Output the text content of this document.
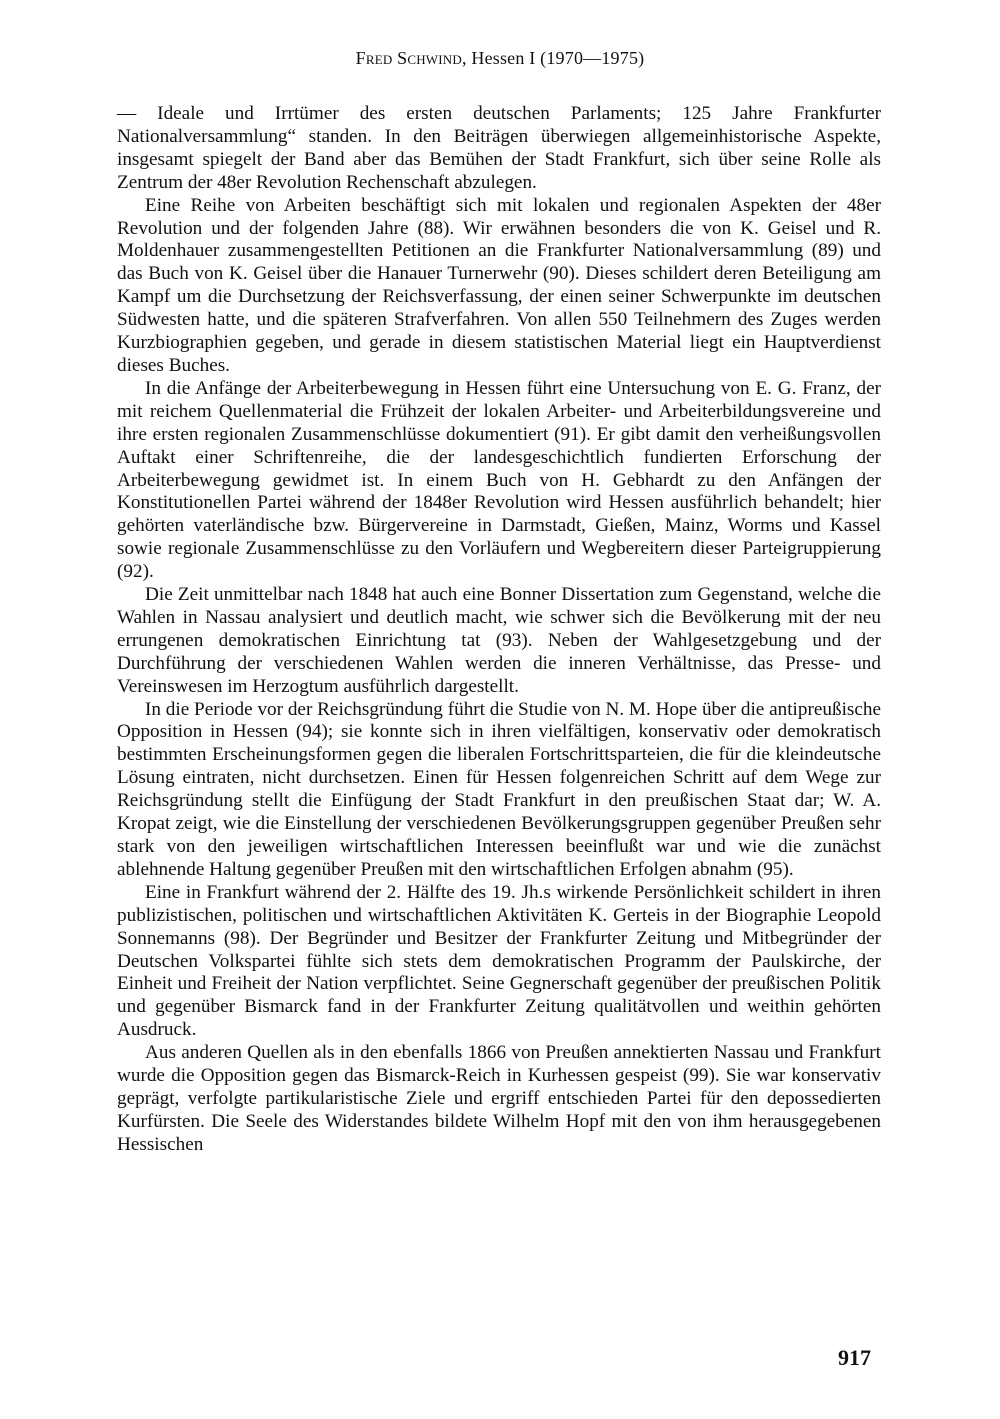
Fred Schwind, Hessen I (1970—1975)

— Ideale und Irrtümer des ersten deutschen Parlaments; 125 Jahre Frankfurter Nationalversammlung“ standen. In den Beiträgen überwiegen allgemeinhistorische Aspekte, insgesamt spiegelt der Band aber das Bemühen der Stadt Frankfurt, sich über seine Rolle als Zentrum der 48er Revolution Rechenschaft abzulegen.

Eine Reihe von Arbeiten beschäftigt sich mit lokalen und regionalen Aspekten der 48er Revolution und der folgenden Jahre (88). Wir erwähnen besonders die von K. Geisel und R. Moldenhauer zusammengestellten Petitionen an die Frankfurter Nationalversammlung (89) und das Buch von K. Geisel über die Hanauer Turnerwehr (90). Dieses schildert deren Beteiligung am Kampf um die Durchsetzung der Reichsverfassung, der einen seiner Schwerpunkte im deutschen Südwesten hatte, und die späteren Strafverfahren. Von allen 550 Teilnehmern des Zuges werden Kurzbiographien gegeben, und gerade in diesem statistischen Material liegt ein Hauptverdienst dieses Buches.

In die Anfänge der Arbeiterbewegung in Hessen führt eine Untersuchung von E. G. Franz, der mit reichem Quellenmaterial die Frühzeit der lokalen Arbeiter- und Arbeiterbildungsvereine und ihre ersten regionalen Zusammenschlüsse dokumentiert (91). Er gibt damit den verheißungsvollen Auftakt einer Schriftenreihe, die der landesgeschichtlich fundierten Erforschung der Arbeiterbewegung gewidmet ist. In einem Buch von H. Gebhardt zu den Anfängen der Konstitutionellen Partei während der 1848er Revolution wird Hessen ausführlich behandelt; hier gehörten vaterländische bzw. Bürgervereine in Darmstadt, Gießen, Mainz, Worms und Kassel sowie regionale Zusammenschlüsse zu den Vorläufern und Wegbereitern dieser Parteigruppierung (92).

Die Zeit unmittelbar nach 1848 hat auch eine Bonner Dissertation zum Gegenstand, welche die Wahlen in Nassau analysiert und deutlich macht, wie schwer sich die Bevölkerung mit der neu errungenen demokratischen Einrichtung tat (93). Neben der Wahlgesetzgebung und der Durchführung der verschiedenen Wahlen werden die inneren Verhältnisse, das Presse- und Vereinswesen im Herzogtum ausführlich dargestellt.

In die Periode vor der Reichsgründung führt die Studie von N. M. Hope über die antipreußische Opposition in Hessen (94); sie konnte sich in ihren vielfältigen, konservativ oder demokratisch bestimmten Erscheinungsformen gegen die liberalen Fortschrittsparteien, die für die kleindeutsche Lösung eintraten, nicht durchsetzen. Einen für Hessen folgenreichen Schritt auf dem Wege zur Reichsgründung stellt die Einfügung der Stadt Frankfurt in den preußischen Staat dar; W. A. Kropat zeigt, wie die Einstellung der verschiedenen Bevölkerungsgruppen gegenüber Preußen sehr stark von den jeweiligen wirtschaftlichen Interessen beeinflußt war und wie die zunächst ablehnende Haltung gegenüber Preußen mit den wirtschaftlichen Erfolgen abnahm (95).

Eine in Frankfurt während der 2. Hälfte des 19. Jh.s wirkende Persönlichkeit schildert in ihren publizistischen, politischen und wirtschaftlichen Aktivitäten K. Gerteis in der Biographie Leopold Sonnemanns (98). Der Begründer und Besitzer der Frankfurter Zeitung und Mitbegründer der Deutschen Volkspartei fühlte sich stets dem demokratischen Programm der Paulskirche, der Einheit und Freiheit der Nation verpflichtet. Seine Gegnerschaft gegenüber der preußischen Politik und gegenüber Bismarck fand in der Frankfurter Zeitung qualitätvollen und weithin gehörten Ausdruck.

Aus anderen Quellen als in den ebenfalls 1866 von Preußen annektierten Nassau und Frankfurt wurde die Opposition gegen das Bismarck-Reich in Kurhessen gespeist (99). Sie war konservativ geprägt, verfolgte partikularistische Ziele und ergriff entschieden Partei für den depossedierten Kurfürsten. Die Seele des Widerstandes bildete Wilhelm Hopf mit den von ihm herausgegebenen Hessischen

917
